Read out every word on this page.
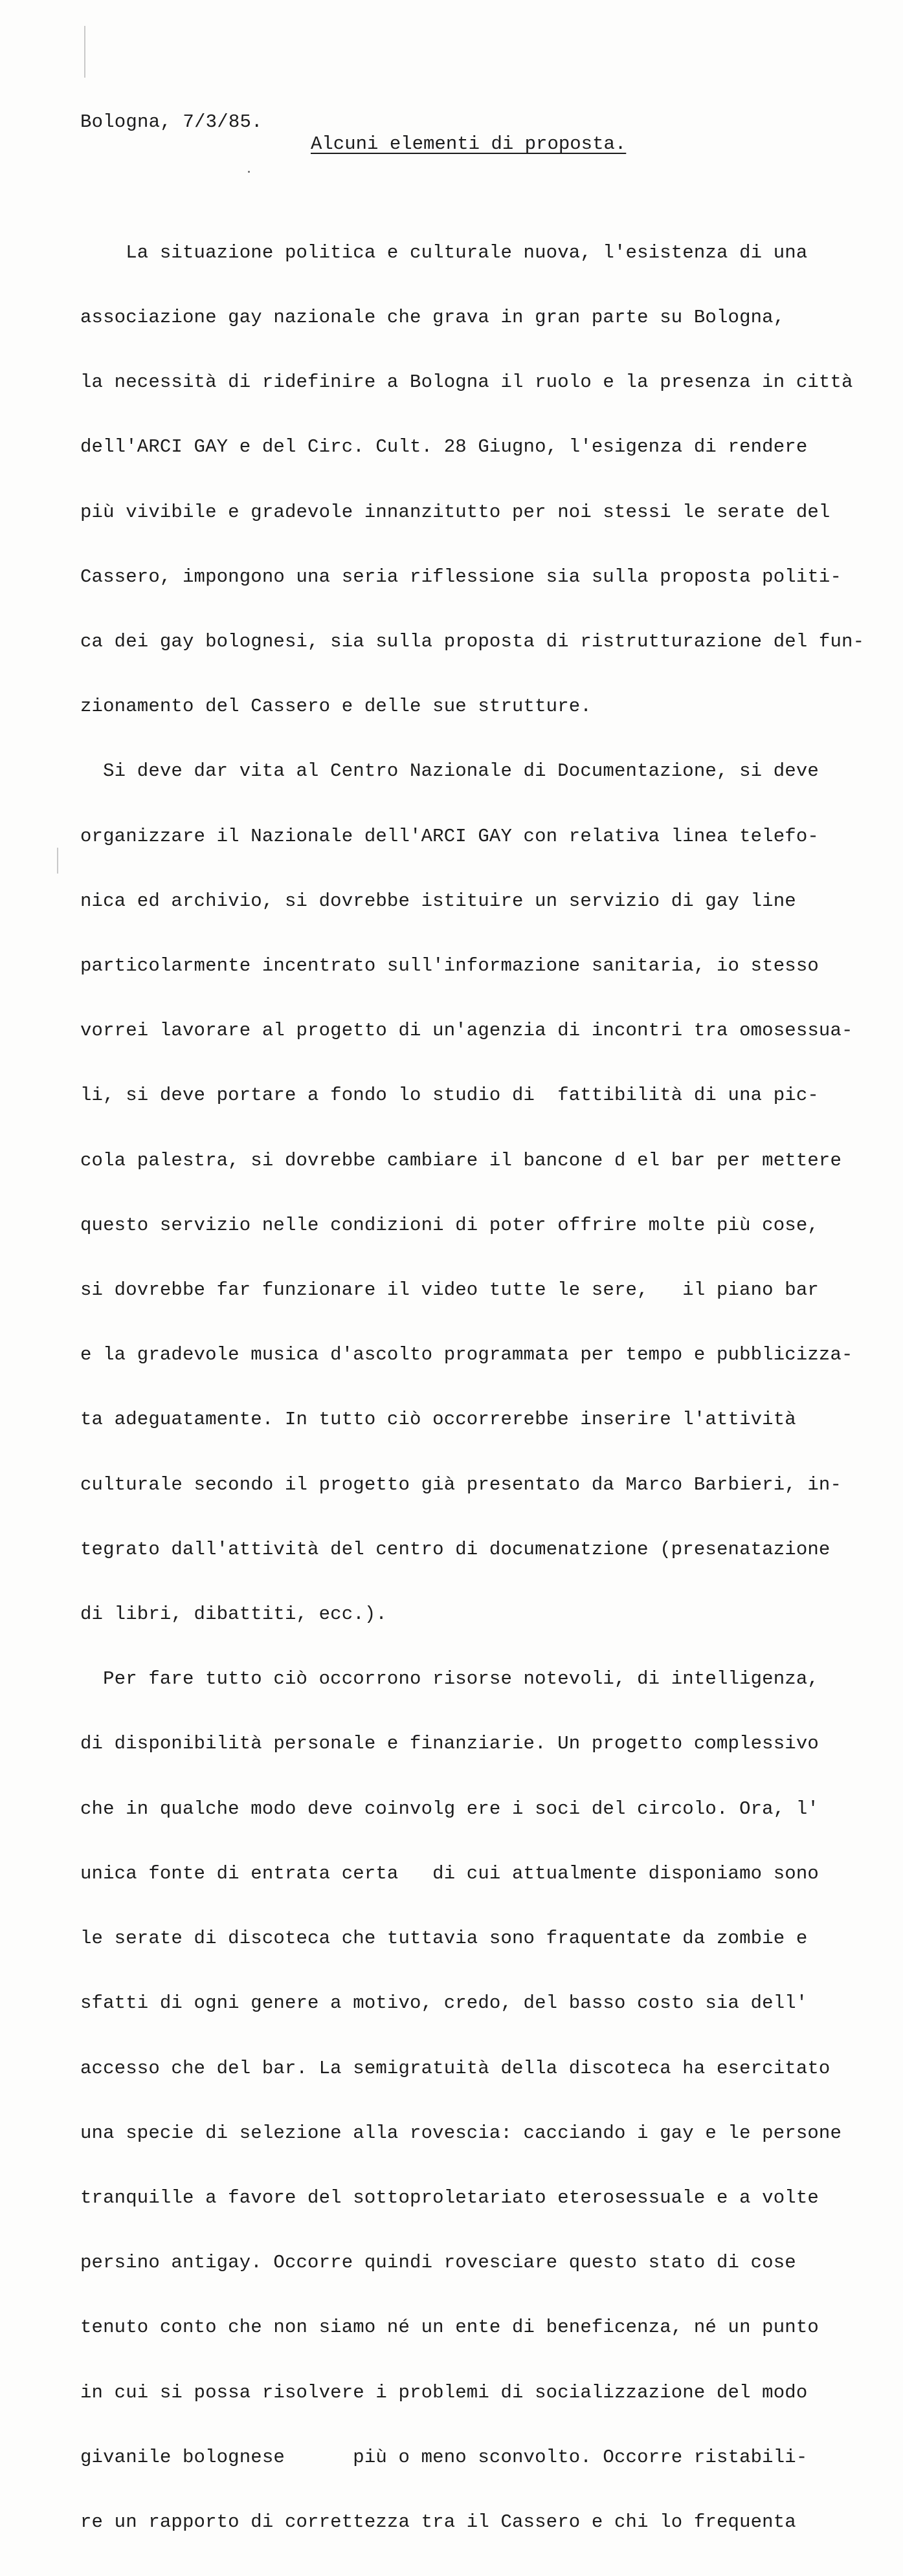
Bologna, 7/3/85.
Alcuni elementi di proposta.

La situazione politica e culturale nuova, l'esistenza di una

associazione gay nazionale che grava in gran parte su Bologna,

la necessità di ridefinire a Bologna il ruolo e la presenza in città

dell'ARCI GAY e del Circ. Cult. 28 Giugno, l'esigenza di rendere

più vivibile e gradevole innanzitutto per noi stessi le serate del

Cassero, impongono una seria riflessione sia sulla proposta politi-

ca dei gay bolognesi, sia sulla proposta di ristrutturazione del fun-

zionamento del Cassero e delle sue strutture.

Si deve dar vita al Centro Nazionale di Documentazione, si deve

organizzare il Nazionale dell'ARCI GAY con relativa linea telefo-

nica ed archivio, si dovrebbe istituire un servizio di gay line

particolarmente incentrato sull'informazione sanitaria, io stesso

vorrei lavorare al progetto di un'agenzia di incontri tra omosessua-

li, si deve portare a fondo lo studio di  fattibilità di una pic-

cola palestra, si dovrebbe cambiare il bancone d el bar per mettere

questo servizio nelle condizioni di poter offrire molte più cose,

si dovrebbe far funzionare il video tutte le sere,   il piano bar

e la gradevole musica d'ascolto programmata per tempo e pubblicizza-

ta adeguatamente. In tutto ciò occorrerebbe inserire l'attività

culturale secondo il progetto già presentato da Marco Barbieri, in-

tegrato dall'attività del centro di documenatzione (presenatazione

di libri, dibattiti, ecc.).

Per fare tutto ciò occorrono risorse notevoli, di intelligenza,

di disponibilità personale e finanziarie. Un progetto complessivo

che in qualche modo deve coinvolg ere i soci del circolo. Ora, l'

unica fonte di entrata certa   di cui attualmente disponiamo sono

le serate di discoteca che tuttavia sono fraquentate da zombie e

sfatti di ogni genere a motivo, credo, del basso costo sia dell'

accesso che del bar. La semigratuità della discoteca ha esercitato

una specie di selezione alla rovescia: cacciando i gay e le persone

tranquille a favore del sottoproletariato eterosessuale e a volte

persino antigay. Occorre quindi rovesciare questo stato di cose

tenuto conto che non siamo né un ente di beneficenza, né un punto

in cui si possa risolvere i problemi di socializzazione del modo

givanile bolognese      più o meno sconvolto. Occorre ristabili-

re un rapporto di correttezza tra il Cassero e chi lo frequenta
